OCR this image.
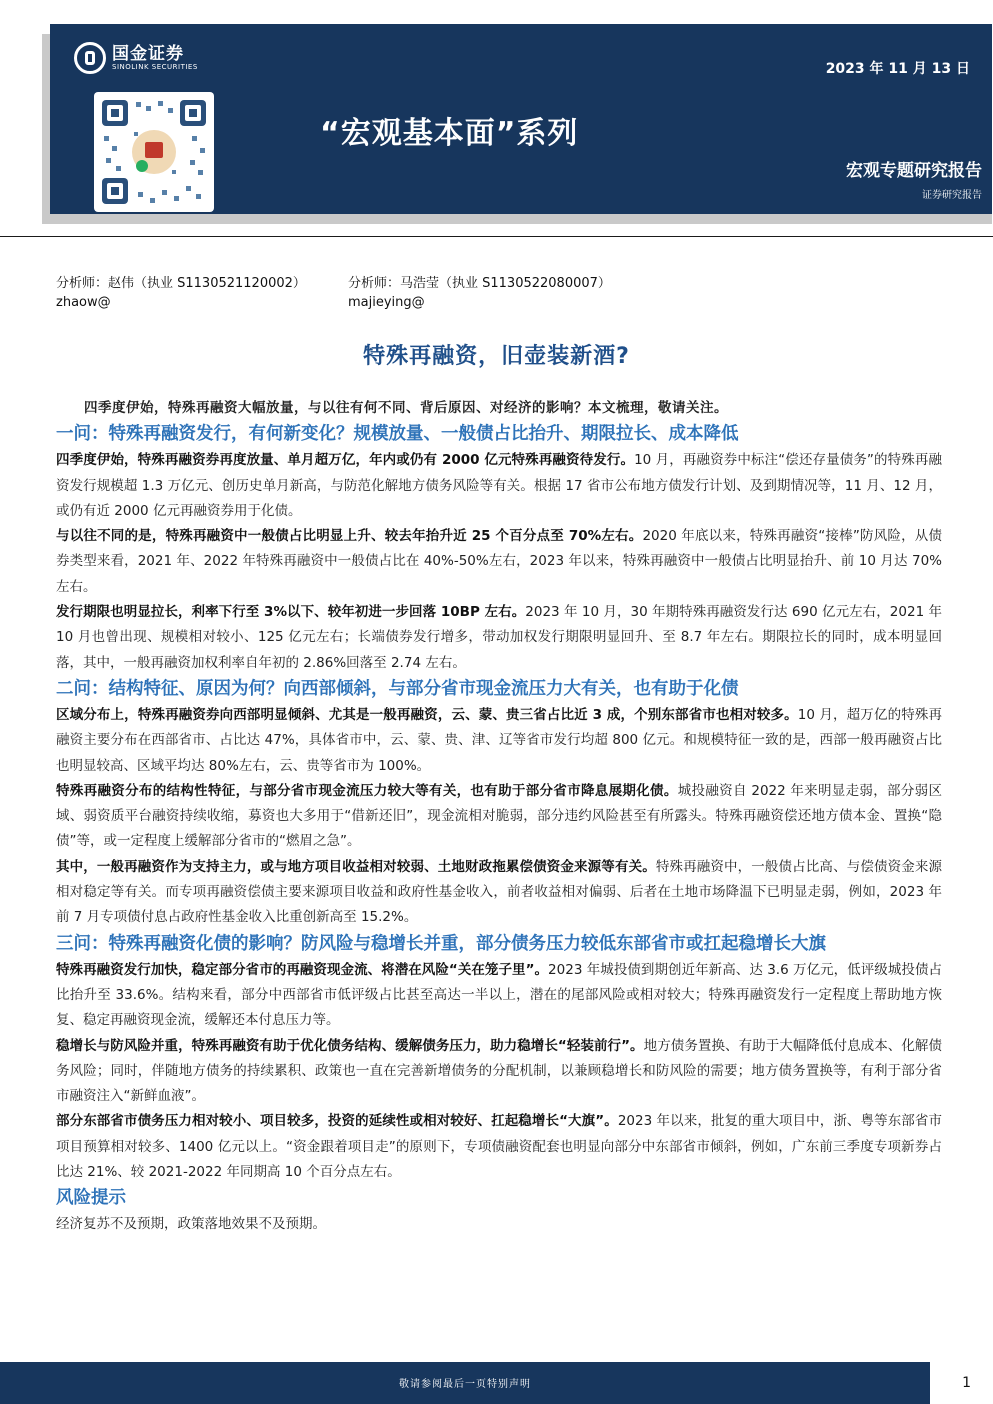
国金证券
SINOLINK SECURITIES	2023 年 11 月 13 日
“宏观基本面”系列
宏观专题研究报告
证券研究报告
分析师：赵伟（执业 S1130521120002）
zhaow@
分析师：马浩莹（执业 S1130522080007）
majieying@
特殊再融资，旧壶装新酒?

四季度伊始，特殊再融资大幅放量，与以往有何不同、背后原因、对经济的影响？本文梳理，敬请关注。

一问：特殊再融资发行，有何新变化？规模放量、一般债占比抬升、期限拉长、成本降低

四季度伊始，特殊再融资券再度放量、单月超万亿，年内或仍有 2000 亿元特殊再融资待发行。10 月，再融资券中标注“偿还存量债务”的特殊再融资发行规模超 1.3 万亿元、创历史单月新高，与防范化解地方债务风险等有关。根据 17 省市公布地方债发行计划、及到期情况等，11 月、12 月，或仍有近 2000 亿元再融资券用于化债。

与以往不同的是，特殊再融资中一般债占比明显上升、较去年抬升近 25 个百分点至 70%左右。2020 年底以来，特殊再融资“接棒”防风险，从债券类型来看，2021 年、2022 年特殊再融资中一般债占比在 40%-50%左右，2023 年以来，特殊再融资中一般债占比明显抬升、前 10 月达 70%左右。

发行期限也明显拉长，利率下行至 3%以下、较年初进一步回落 10BP 左右。2023 年 10 月，30 年期特殊再融资发行达 690 亿元左右，2021 年 10 月也曾出现、规模相对较小、125 亿元左右；长端债券发行增多，带动加权发行期限明显回升、至 8.7 年左右。期限拉长的同时，成本明显回落，其中，一般再融资加权利率自年初的 2.86%回落至 2.74 左右。

二问：结构特征、原因为何？向西部倾斜，与部分省市现金流压力大有关，也有助于化债

区域分布上，特殊再融资券向西部明显倾斜、尤其是一般再融资，云、蒙、贵三省占比近 3 成，个别东部省市也相对较多。10 月，超万亿的特殊再融资主要分布在西部省市、占比达 47%，具体省市中，云、蒙、贵、津、辽等省市发行均超 800 亿元。和规模特征一致的是，西部一般再融资占比也明显较高、区域平均达 80%左右，云、贵等省市为 100%。

特殊再融资分布的结构性特征，与部分省市现金流压力较大等有关，也有助于部分省市降息展期化债。城投融资自 2022 年来明显走弱，部分弱区域、弱资质平台融资持续收缩，募资也大多用于“借新还旧”，现金流相对脆弱，部分违约风险甚至有所露头。特殊再融资偿还地方债本金、置换“隐债”等，或一定程度上缓解部分省市的“燃眉之急”。

其中，一般再融资作为支持主力，或与地方项目收益相对较弱、土地财政拖累偿债资金来源等有关。特殊再融资中，一般债占比高、与偿债资金来源相对稳定等有关。而专项再融资偿债主要来源项目收益和政府性基金收入，前者收益相对偏弱、后者在土地市场降温下已明显走弱，例如，2023 年前 7 月专项债付息占政府性基金收入比重创新高至 15.2%。

三问：特殊再融资化债的影响？防风险与稳增长并重，部分债务压力较低东部省市或扛起稳增长大旗

特殊再融资发行加快，稳定部分省市的再融资现金流、将潜在风险“关在笼子里”。2023 年城投债到期创近年新高、达 3.6 万亿元，低评级城投债占比抬升至 33.6%。结构来看，部分中西部省市低评级占比甚至高达一半以上，潜在的尾部风险或相对较大；特殊再融资发行一定程度上帮助地方恢复、稳定再融资现金流，缓解还本付息压力等。

稳增长与防风险并重，特殊再融资有助于优化债务结构、缓解债务压力，助力稳增长“轻装前行”。地方债务置换、有助于大幅降低付息成本、化解债务风险；同时，伴随地方债务的持续累积、政策也一直在完善新增债务的分配机制，以兼顾稳增长和防风险的需要；地方债务置换等，有利于部分省市融资注入“新鲜血液”。

部分东部省市债务压力相对较小、项目较多，投资的延续性或相对较好、扛起稳增长“大旗”。2023 年以来，批复的重大项目中，浙、粤等东部省市项目预算相对较多、1400 亿元以上。“资金跟着项目走”的原则下，专项债融资配套也明显向部分中东部省市倾斜，例如，广东前三季度专项新券占比达 21%、较 2021-2022 年同期高 10 个百分点左右。

风险提示

经济复苏不及预期，政策落地效果不及预期。

敬请参阅最后一页特别声明	1
